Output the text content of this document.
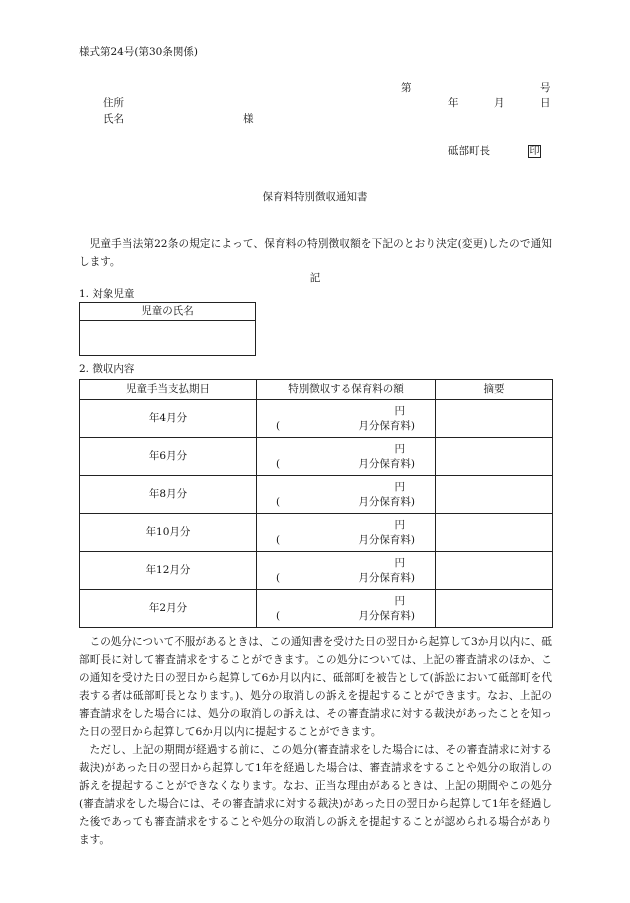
様式第24号(第30条関係)
第	号
住所	年	月	日
氏名	様
砥部町長	印
保育料特別徴収通知書

児童手当法第22条の規定によって、保育料の特別徴収額を下記のとおり決定(変更)したので通知します。

記
1. 対象児童
児童の氏名

2. 徴収内容
児童手当支払期日	特別徴収する保育料の額	摘要
年4月分	円
( 月分保育料)	

年6月分	円
( 月分保育料)	

年8月分	円
( 月分保育料)	

年10月分	円
( 月分保育料)	

年12月分	円
( 月分保育料)	

年2月分	円
( 月分保育料)	

この処分について不服があるときは、この通知書を受けた日の翌日から起算して3か月以内に、砥部町長に対して審査請求をすることができます。この処分については、上記の審査請求のほか、この通知を受けた日の翌日から起算して6か月以内に、砥部町を被告として(訴訟において砥部町を代表する者は砥部町長となります。)、処分の取消しの訴えを提起することができます。なお、上記の審査請求をした場合には、処分の取消しの訴えは、その審査請求に対する裁決があったことを知った日の翌日から起算して6か月以内に提起することができます。

ただし、上記の期間が経過する前に、この処分(審査請求をした場合には、その審査請求に対する裁決)があった日の翌日から起算して1年を経過した場合は、審査請求をすることや処分の取消しの訴えを提起することができなくなります。なお、正当な理由があるときは、上記の期間やこの処分(審査請求をした場合には、その審査請求に対する裁決)があった日の翌日から起算して1年を経過した後であっても審査請求をすることや処分の取消しの訴えを提起することが認められる場合があります。
